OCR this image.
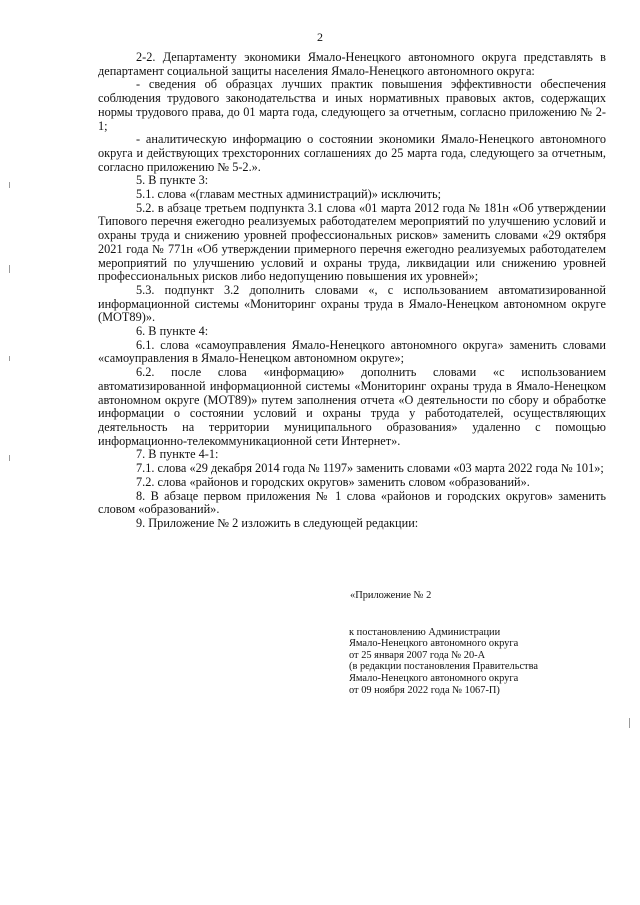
2

2-2. Департаменту экономики Ямало-Ненецкого автономного округа представлять в департамент социальной защиты населения Ямало-Ненецкого автономного округа:

- сведения об образцах лучших практик повышения эффективности обеспечения соблюдения трудового законодательства и иных нормативных правовых актов, содержащих нормы трудового права, до 01 марта года, следующего за отчетным, согласно приложению № 2-1;

- аналитическую информацию о состоянии экономики Ямало-Ненецкого автономного округа и действующих трехсторонних соглашениях до 25 марта года, следующего за отчетным, согласно приложению № 5-2.».

5. В пункте 3:

5.1. слова «(главам местных администраций)» исключить;

5.2. в абзаце третьем подпункта 3.1 слова «01 марта 2012 года № 181н «Об утверждении Типового перечня ежегодно реализуемых работодателем мероприятий по улучшению условий и охраны труда и снижению уровней профессиональных рисков» заменить словами «29 октября 2021 года № 771н «Об утверждении примерного перечня ежегодно реализуемых работодателем мероприятий по улучшению условий и охраны труда, ликвидации или снижению уровней профессиональных рисков либо недопущению повышения их уровней»;

5.3. подпункт 3.2 дополнить словами «, с использованием автоматизированной информационной системы «Мониторинг охраны труда в Ямало-Ненецком автономном округе (МОТ89)».

6. В пункте 4:

6.1. слова «самоуправления Ямало-Ненецкого автономного округа» заменить словами «самоуправления в Ямало-Ненецком автономном округе»;

6.2. после слова «информацию» дополнить словами «с использованием автоматизированной информационной системы «Мониторинг охраны труда в Ямало-Ненецком автономном округе (МОТ89)» путем заполнения отчета «О деятельности по сбору и обработке информации о состоянии условий и охраны труда у работодателей, осуществляющих деятельность на территории муниципального образования» удаленно с помощью информационно-телекоммуникационной сети Интернет».

7. В пункте 4-1:

7.1. слова «29 декабря 2014 года № 1197» заменить словами «03 марта 2022 года № 101»;

7.2. слова «районов и городских округов» заменить словом «образований».

8. В абзаце первом приложения № 1 слова «районов и городских округов» заменить словом «образований».

9. Приложение № 2 изложить в следующей редакции:

«Приложение № 2

к постановлению Администрации

Ямало-Ненецкого автономного округа

от 25 января 2007 года № 20-А

(в редакции постановления Правительства

Ямало-Ненецкого автономного округа

от 09 ноября 2022 года № 1067-П)
